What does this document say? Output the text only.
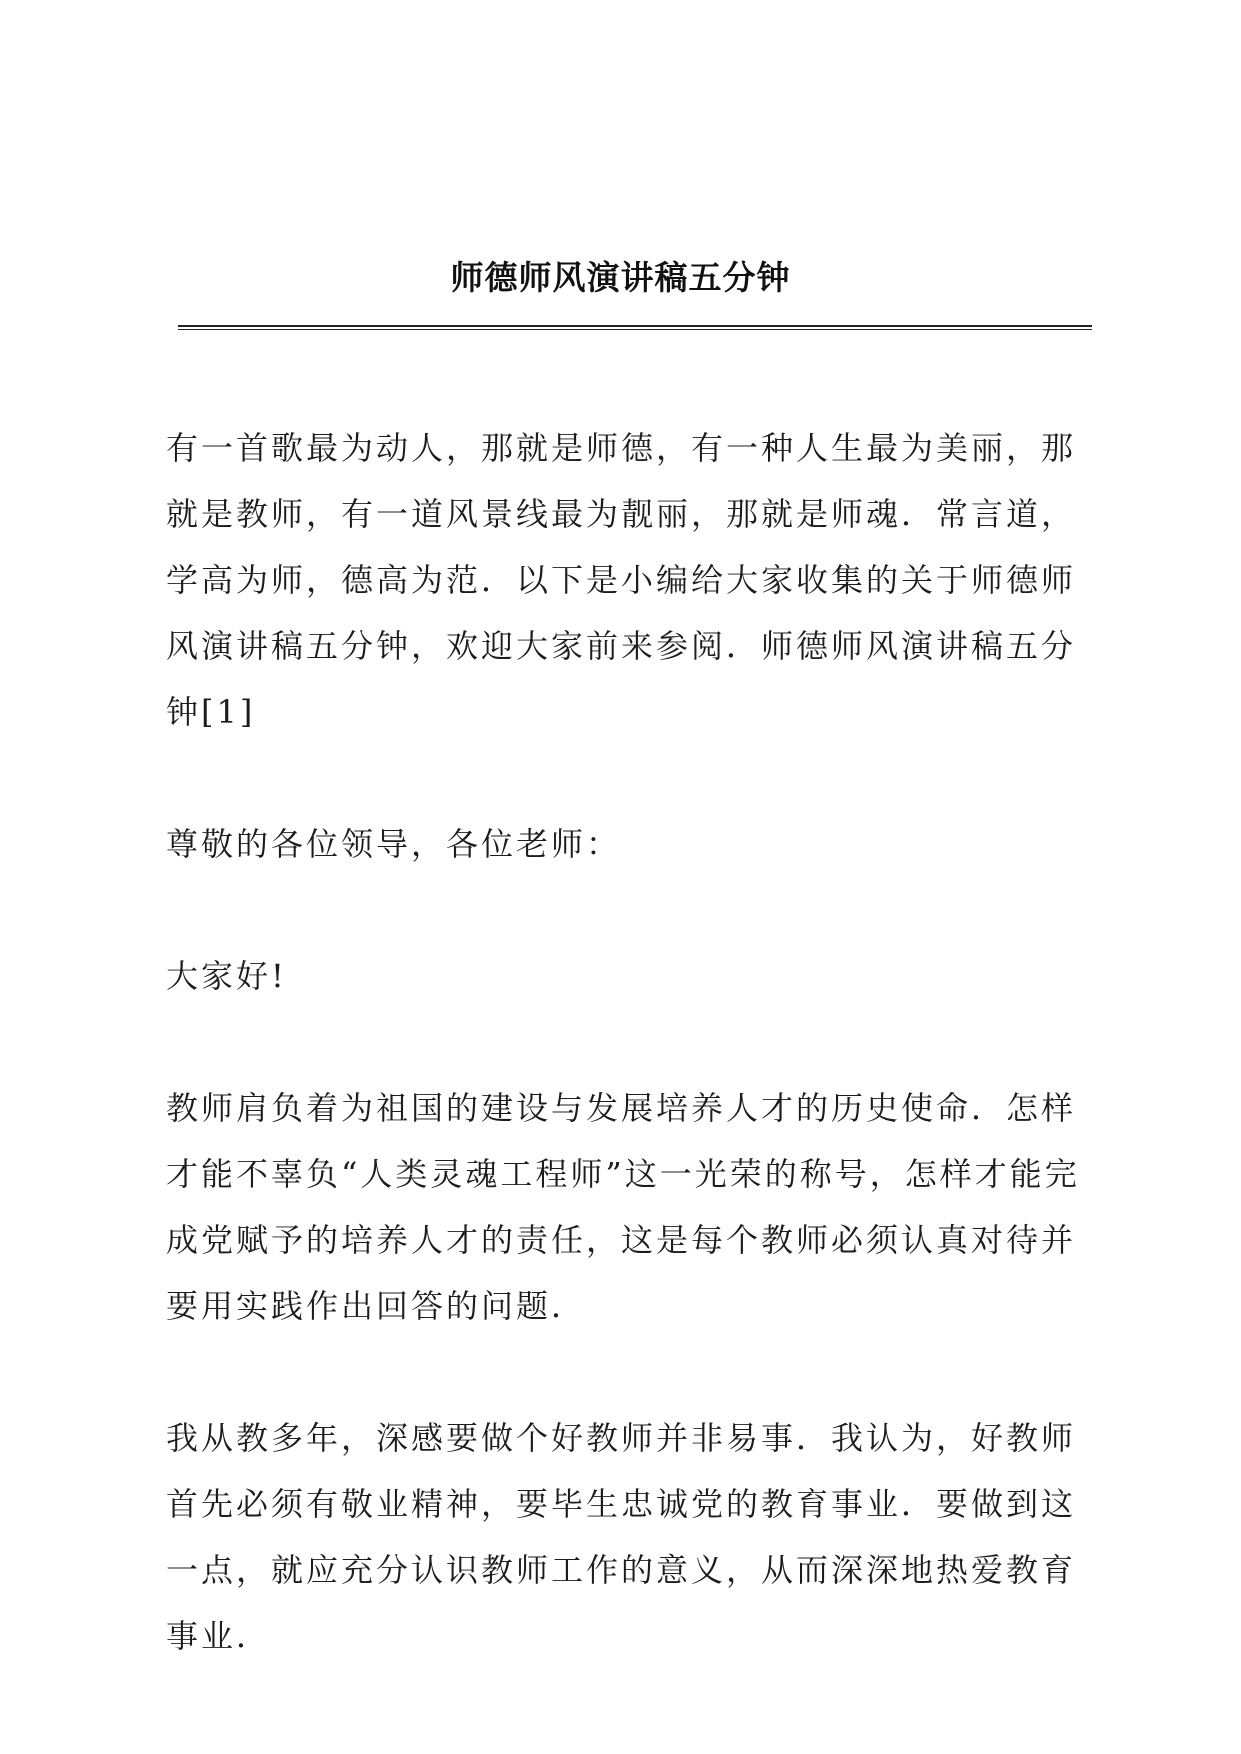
师德师风演讲稿五分钟

有一首歌最为动人，那就是师德，有一种人生最为美丽，那就是教师，有一道风景线最为靓丽，那就是师魂．常言道，学高为师，德高为范．以下是小编给大家收集的关于师德师风演讲稿五分钟，欢迎大家前来参阅．师德师风演讲稿五分钟[1]

尊敬的各位领导，各位老师：

大家好!

教师肩负着为祖国的建设与发展培养人才的历史使命．怎样才能不辜负“人类灵魂工程师”这一光荣的称号，怎样才能完成党赋予的培养人才的责任，这是每个教师必须认真对待并要用实践作出回答的问题．

我从教多年，深感要做个好教师并非易事．我认为，好教师首先必须有敬业精神，要毕生忠诚党的教育事业．要做到这一点，就应充分认识教师工作的意义，从而深深地热爱教育事业．
